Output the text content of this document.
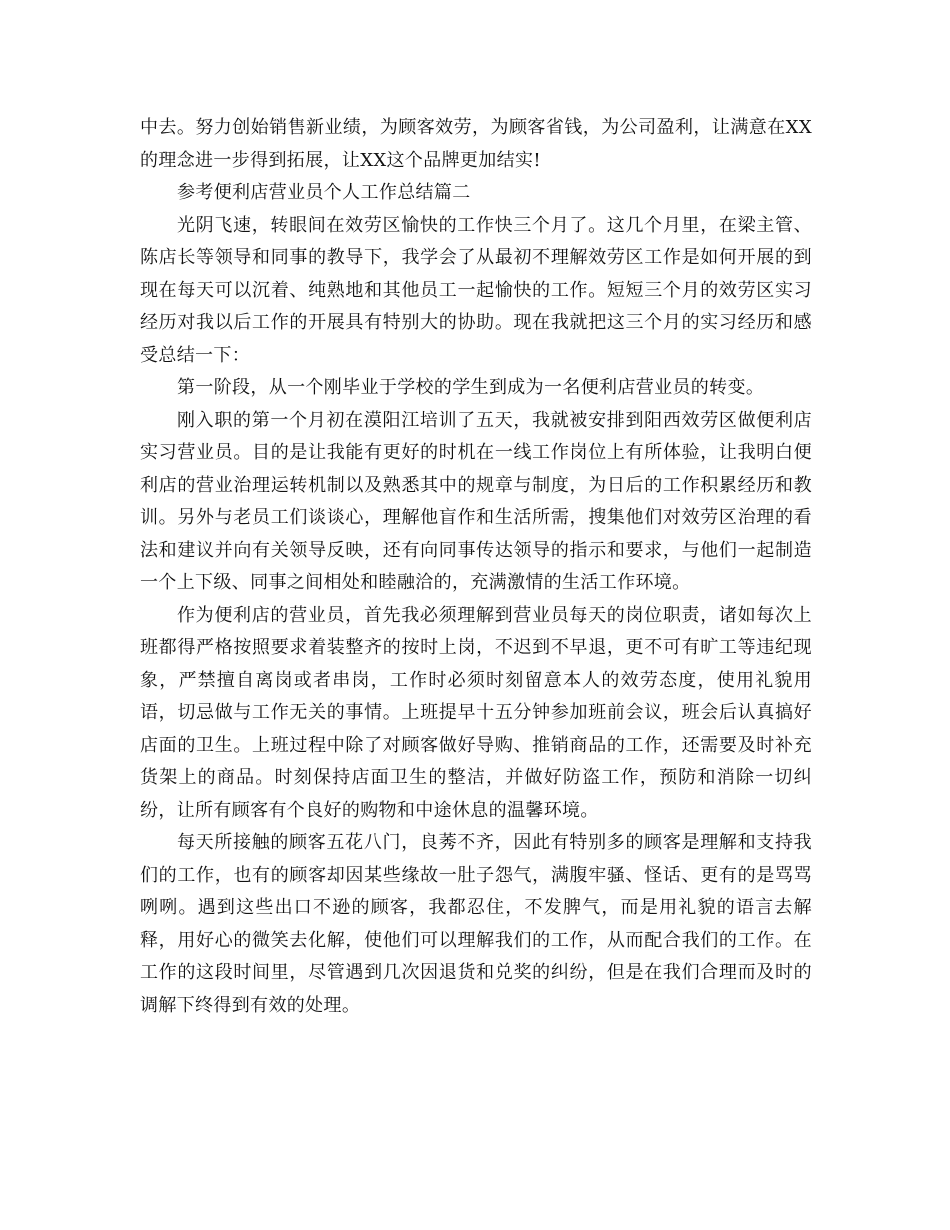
中去。努力创始销售新业绩，为顾客效劳，为顾客省钱，为公司盈利，让满意在XX的理念进一步得到拓展，让XX这个品牌更加结实!

参考便利店营业员个人工作总结篇二

光阴飞速，转眼间在效劳区愉快的工作快三个月了。这几个月里，在梁主管、陈店长等领导和同事的教导下，我学会了从最初不理解效劳区工作是如何开展的到现在每天可以沉着、纯熟地和其他员工一起愉快的工作。短短三个月的效劳区实习经历对我以后工作的开展具有特别大的协助。现在我就把这三个月的实习经历和感受总结一下：

第一阶段，从一个刚毕业于学校的学生到成为一名便利店营业员的转变。

刚入职的第一个月初在漠阳江培训了五天，我就被安排到阳西效劳区做便利店实习营业员。目的是让我能有更好的时机在一线工作岗位上有所体验，让我明白便利店的营业治理运转机制以及熟悉其中的规章与制度，为日后的工作积累经历和教训。另外与老员工们谈谈心，理解他盲作和生活所需，搜集他们对效劳区治理的看法和建议并向有关领导反映，还有向同事传达领导的指示和要求，与他们一起制造一个上下级、同事之间相处和睦融洽的，充满激情的生活工作环境。

作为便利店的营业员，首先我必须理解到营业员每天的岗位职责，诸如每次上班都得严格按照要求着装整齐的按时上岗，不迟到不早退，更不可有旷工等违纪现象，严禁擅自离岗或者串岗，工作时必须时刻留意本人的效劳态度，使用礼貌用语，切忌做与工作无关的事情。上班提早十五分钟参加班前会议，班会后认真搞好店面的卫生。上班过程中除了对顾客做好导购、推销商品的工作，还需要及时补充货架上的商品。时刻保持店面卫生的整洁，并做好防盗工作，预防和消除一切纠纷，让所有顾客有个良好的购物和中途休息的温馨环境。

每天所接触的顾客五花八门，良莠不齐，因此有特别多的顾客是理解和支持我们的工作，也有的顾客却因某些缘故一肚子怨气，满腹牢骚、怪话、更有的是骂骂咧咧。遇到这些出口不逊的顾客，我都忍住，不发脾气，而是用礼貌的语言去解释，用好心的微笑去化解，使他们可以理解我们的工作，从而配合我们的工作。在工作的这段时间里，尽管遇到几次因退货和兑奖的纠纷，但是在我们合理而及时的调解下终得到有效的处理。
